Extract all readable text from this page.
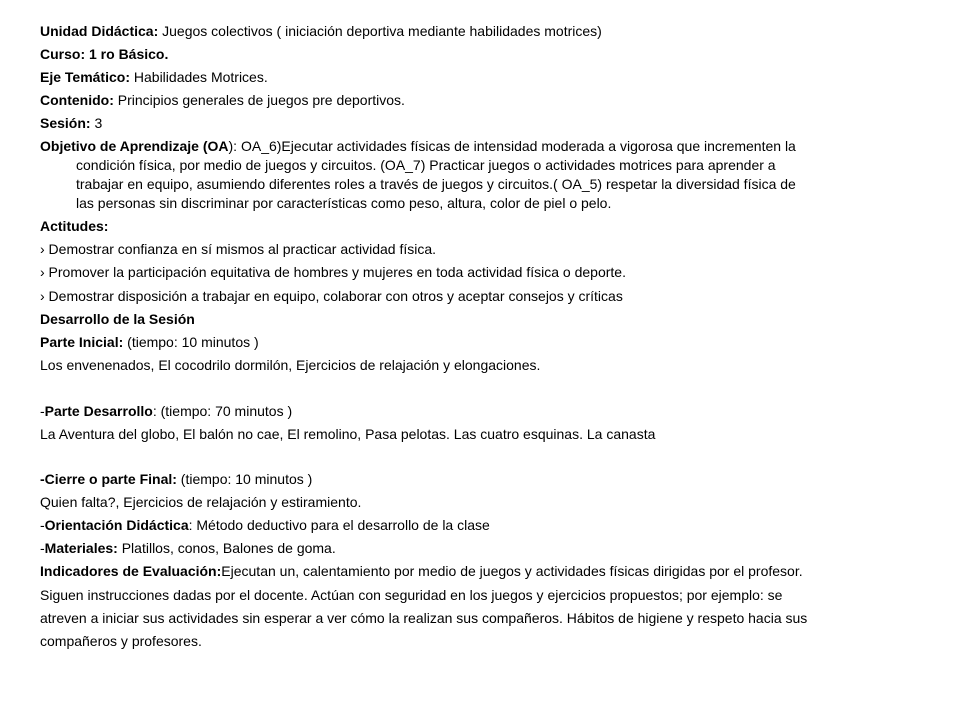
Unidad Didáctica: Juegos colectivos ( iniciación deportiva mediante habilidades motrices)
Curso: 1 ro Básico.
Eje Temático: Habilidades Motrices.
Contenido: Principios generales de juegos pre deportivos.
Sesión: 3
Objetivo de Aprendizaje (OA): OA_6)Ejecutar actividades físicas de intensidad moderada a vigorosa que incrementen la
condición física, por medio de juegos y circuitos. (OA_7) Practicar juegos o actividades motrices para aprender a
trabajar en equipo, asumiendo diferentes roles a través de juegos y circuitos.( OA_5) respetar la diversidad física de
las personas sin discriminar por características como peso, altura, color de piel o pelo.
Actitudes:
› Demostrar confianza en sí mismos al practicar actividad física.
› Promover la participación equitativa de hombres y mujeres en toda actividad física o deporte.
› Demostrar disposición a trabajar en equipo, colaborar con otros y aceptar consejos y críticas
Desarrollo de la Sesión
Parte Inicial: (tiempo: 10 minutos )
Los envenenados, El cocodrilo dormilón, Ejercicios de relajación y elongaciones.
-Parte Desarrollo: (tiempo: 70 minutos )
La Aventura del globo, El balón no cae, El remolino, Pasa pelotas. Las cuatro esquinas. La canasta
-Cierre o parte Final: (tiempo: 10 minutos )
Quien falta?, Ejercicios de relajación y estiramiento.
-Orientación Didáctica: Método deductivo para el desarrollo de la clase
-Materiales: Platillos, conos, Balones de goma.
Indicadores de Evaluación:Ejecutan un, calentamiento por medio de juegos y actividades físicas dirigidas por el profesor.
Siguen instrucciones dadas por el docente. Actúan con seguridad en los juegos y ejercicios propuestos; por ejemplo: se
atreven a iniciar sus actividades sin esperar a ver cómo la realizan sus compañeros. Hábitos de higiene y respeto hacia sus
compañeros y profesores.
